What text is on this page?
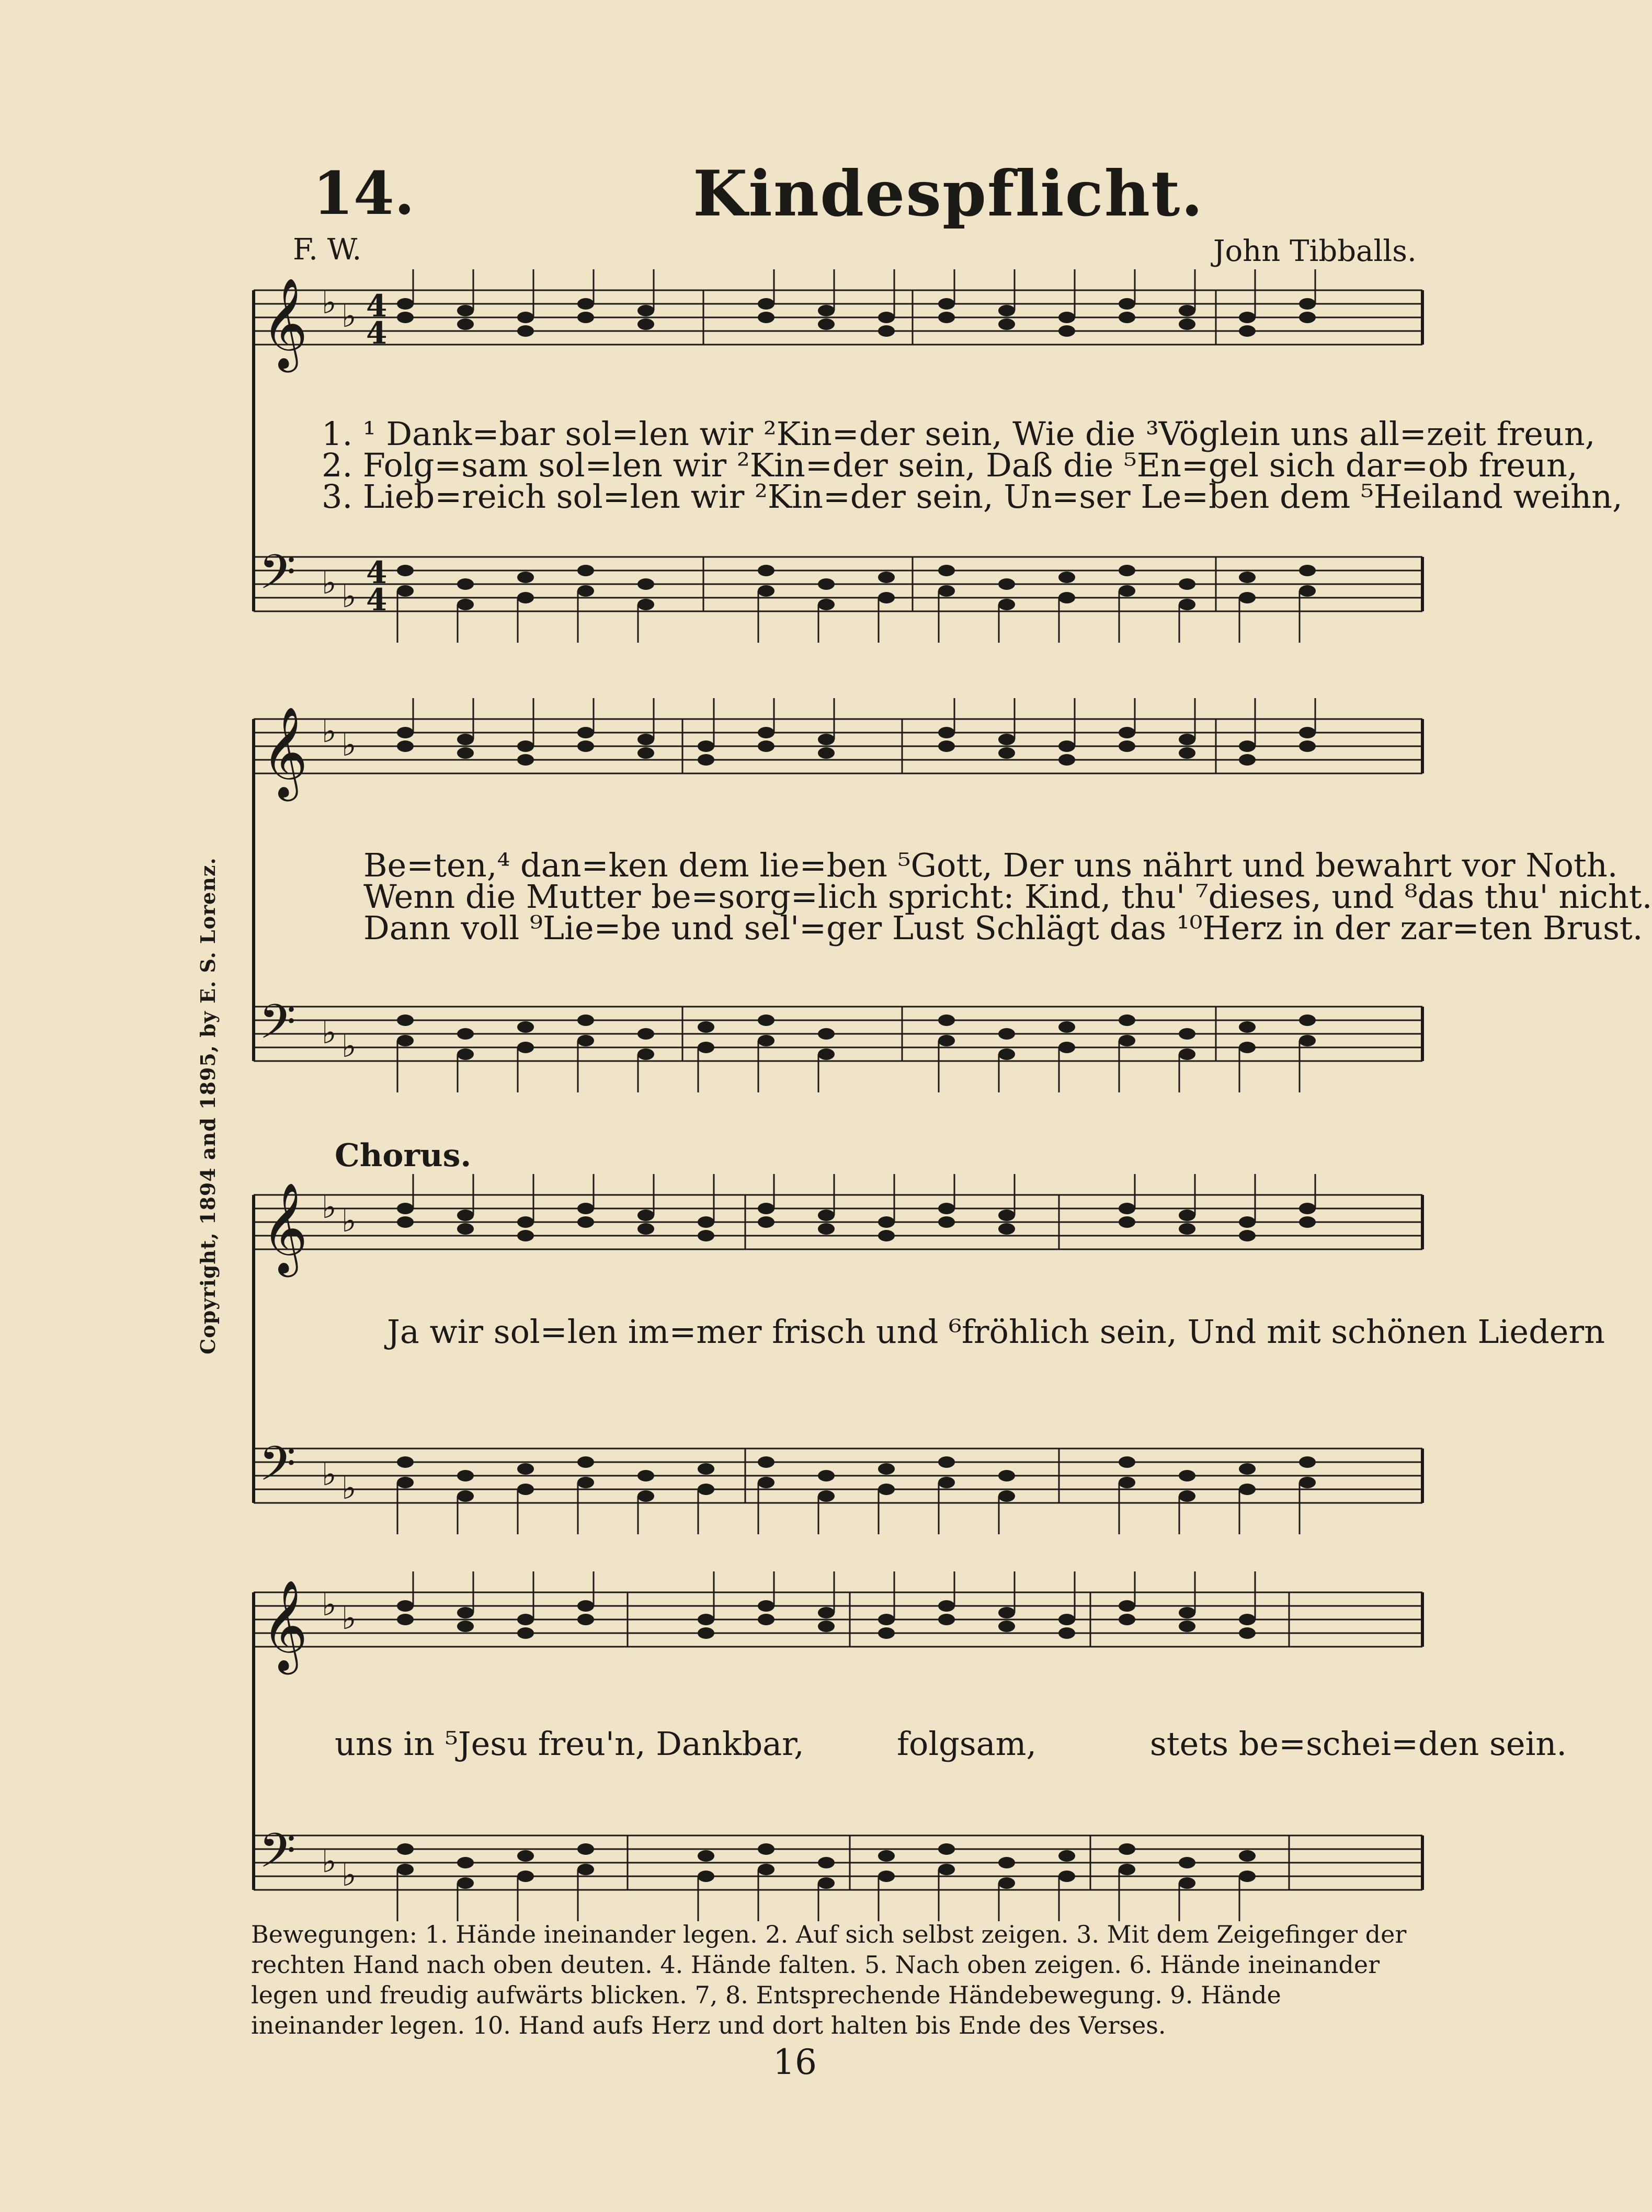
𝄞
𝄢
♭
♭
♭
♭
4
4
4
4
𝄞
𝄢
♭
♭
♭
♭
𝄞
𝄢
♭
♭
♭
♭
𝄞
𝄢
♭
♭
♭
♭
14.	Kindespflicht.
F. W.	John Tibballs.
Copyright, 1894 and 1895, by E. S. Lorenz.
1. ¹ Dank=bar sol=len wir ²Kin=der sein, Wie die ³Vöglein uns all=zeit freun,
2. Folg=sam sol=len wir ²Kin=der sein, Daß die ⁵En=gel sich dar=ob freun,
3. Lieb=reich sol=len wir ²Kin=der sein, Un=ser Le=ben dem ⁵Heiland weihn,
Be=ten,⁴ dan=ken dem lie=ben ⁵Gott, Der uns nährt und bewahrt vor Noth.
Wenn die Mutter be=sorg=lich spricht: Kind, thu' ⁷dieses, und ⁸das thu' nicht.
Dann voll ⁹Lie=be und sel'=ger Lust Schlägt das ¹⁰Herz in der zar=ten Brust.
Chorus.
Ja wir sol=len im=mer frisch und ⁶fröhlich sein, Und mit schönen Liedern
uns in ⁵Jesu freu'n, Dankbar,         folgsam,           stets be=schei=den sein.
Bewegungen: 1. Hände ineinander legen. 2. Auf sich selbst zeigen. 3. Mit dem Zeigefinger der rechten Hand nach oben deuten. 4. Hände falten. 5. Nach oben zeigen. 6. Hände ineinander legen und freudig aufwärts blicken. 7, 8. Entsprechende Händebewegung. 9. Hände ineinander legen. 10. Hand aufs Herz und dort halten bis Ende des Verses.
16
